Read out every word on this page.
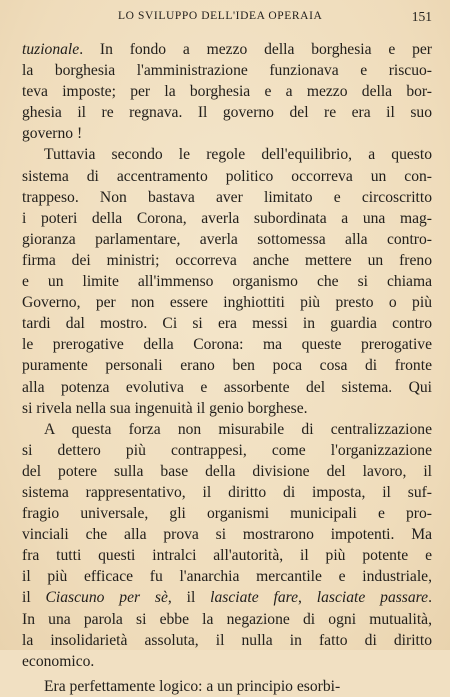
LO SVILUPPO DELL'IDEA OPERAIA	151
tuzionale. In fondo a mezzo della borghesia e per
la borghesia l'amministrazione funzionava e riscuo-
teva imposte; per la borghesia e a mezzo della bor-
ghesia il re regnava. Il governo del re era il suo
governo !
Tuttavia secondo le regole dell'equilibrio, a questo
sistema di accentramento politico occorreva un con-
trappeso. Non bastava aver limitato e circoscritto
i poteri della Corona, averla subordinata a una mag-
gioranza parlamentare, averla sottomessa alla contro-
firma dei ministri; occorreva anche mettere un freno
e un limite all'immenso organismo che si chiama
Governo, per non essere inghiottiti più presto o più
tardi dal mostro. Ci si era messi in guardia contro
le prerogative della Corona: ma queste prerogative
puramente personali erano ben poca cosa di fronte
alla potenza evolutiva e assorbente del sistema. Qui
si rivela nella sua ingenuità il genio borghese.
A questa forza non misurabile di centralizzazione
si dettero più contrappesi, come l'organizzazione
del potere sulla base della divisione del lavoro, il
sistema rappresentativo, il diritto di imposta, il suf-
fragio universale, gli organismi municipali e pro-
vinciali che alla prova si mostrarono impotenti. Ma
fra tutti questi intralci all'autorità, il più potente e
il più efficace fu l'anarchia mercantile e industriale,
il Ciascuno per sè, il lasciate fare, lasciate passare.
In una parola si ebbe la negazione di ogni mutualità,
la insolidarietà assoluta, il nulla in fatto di diritto
economico.
Era perfettamente logico: a un principio esorbi-
